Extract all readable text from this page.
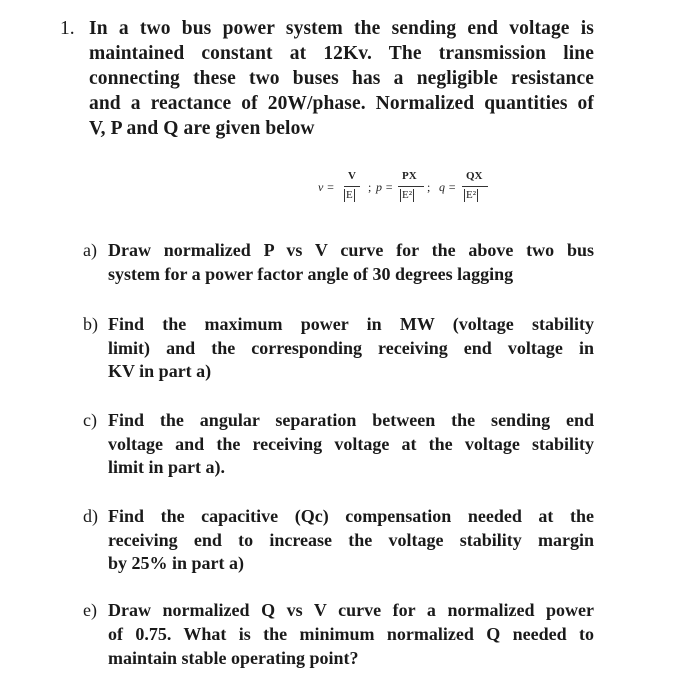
1. In a two bus power system the sending end voltage is
maintained constant at 12Kv. The transmission line
connecting these two buses has a negligible resistance
and a reactance of 20W/phase. Normalized quantities of
V, P and Q are given below
v =
V
E
; p =
PX
E²
; q =
QX
E²
a) Draw normalized P vs V curve for the above two bus
system for a power factor angle of 30 degrees lagging
b) Find the maximum power in MW (voltage stability
limit) and the corresponding receiving end voltage in
KV in part a)
c) Find the angular separation between the sending end
voltage and the receiving voltage at the voltage stability
limit in part a).
d) Find the capacitive (Qc) compensation needed at the
receiving end to increase the voltage stability margin
by 25% in part a)
e) Draw normalized Q vs V curve for a normalized power
of 0.75. What is the minimum normalized Q needed to
maintain stable operating point?
